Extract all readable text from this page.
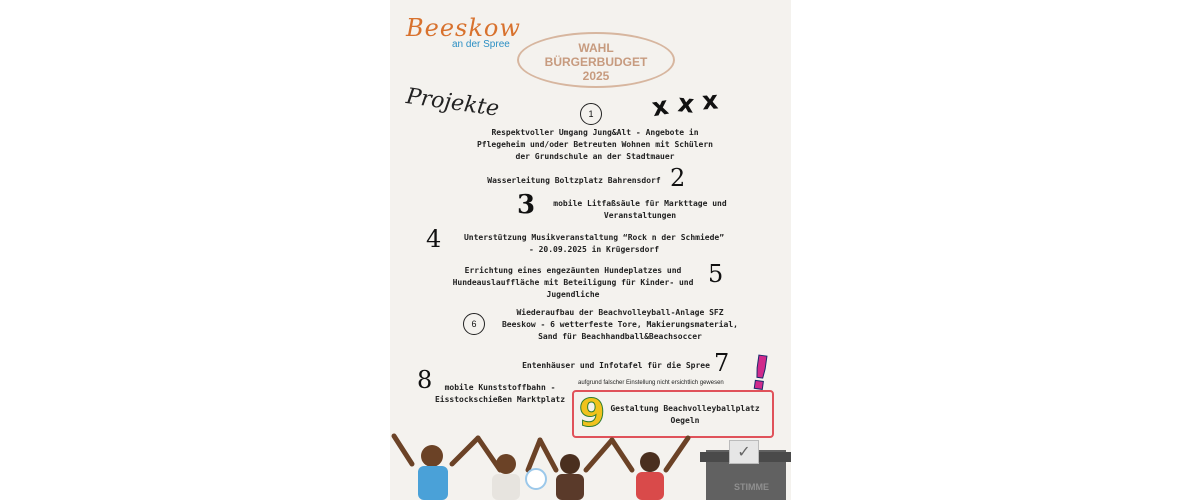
Beeskow
an der Spree	WAHL
BÜRGERBUDGET
2025
Projekte	x x x
1
Respektvoller Umgang Jung&Alt - Angebote in
Pflegeheim und/oder Betreuten Wohnen mit Schülern
der Grundschule an der Stadtmauer
Wasserleitung Boltzplatz Bahrensdorf 2
3	mobile Litfaßsäule für Markttage und
Veranstaltungen
4	Unterstützung Musikveranstaltung “Rock n der Schmiede”
- 20.09.2025 in Krügersdorf
Errichtung eines engezäunten Hundeplatzes und
Hundeauslauffläche mit Beteiligung für Kinder- und
Jugendliche
5
6
Wiederaufbau der Beachvolleyball-Anlage SFZ
Beeskow - 6 wetterfeste Tore, Makierungsmaterial,
Sand für Beachhandball&Beachsoccer
Entenhäuser und Infotafel für die Spree 7 !
8	mobile Kunststoffbahn -
Eisstockschießen Marktplatz
aufgrund falscher Einstellung nicht ersichtlich gewesen
9 Gestaltung Beachvolleyballplatz
Oegeln
✓
STIMME
